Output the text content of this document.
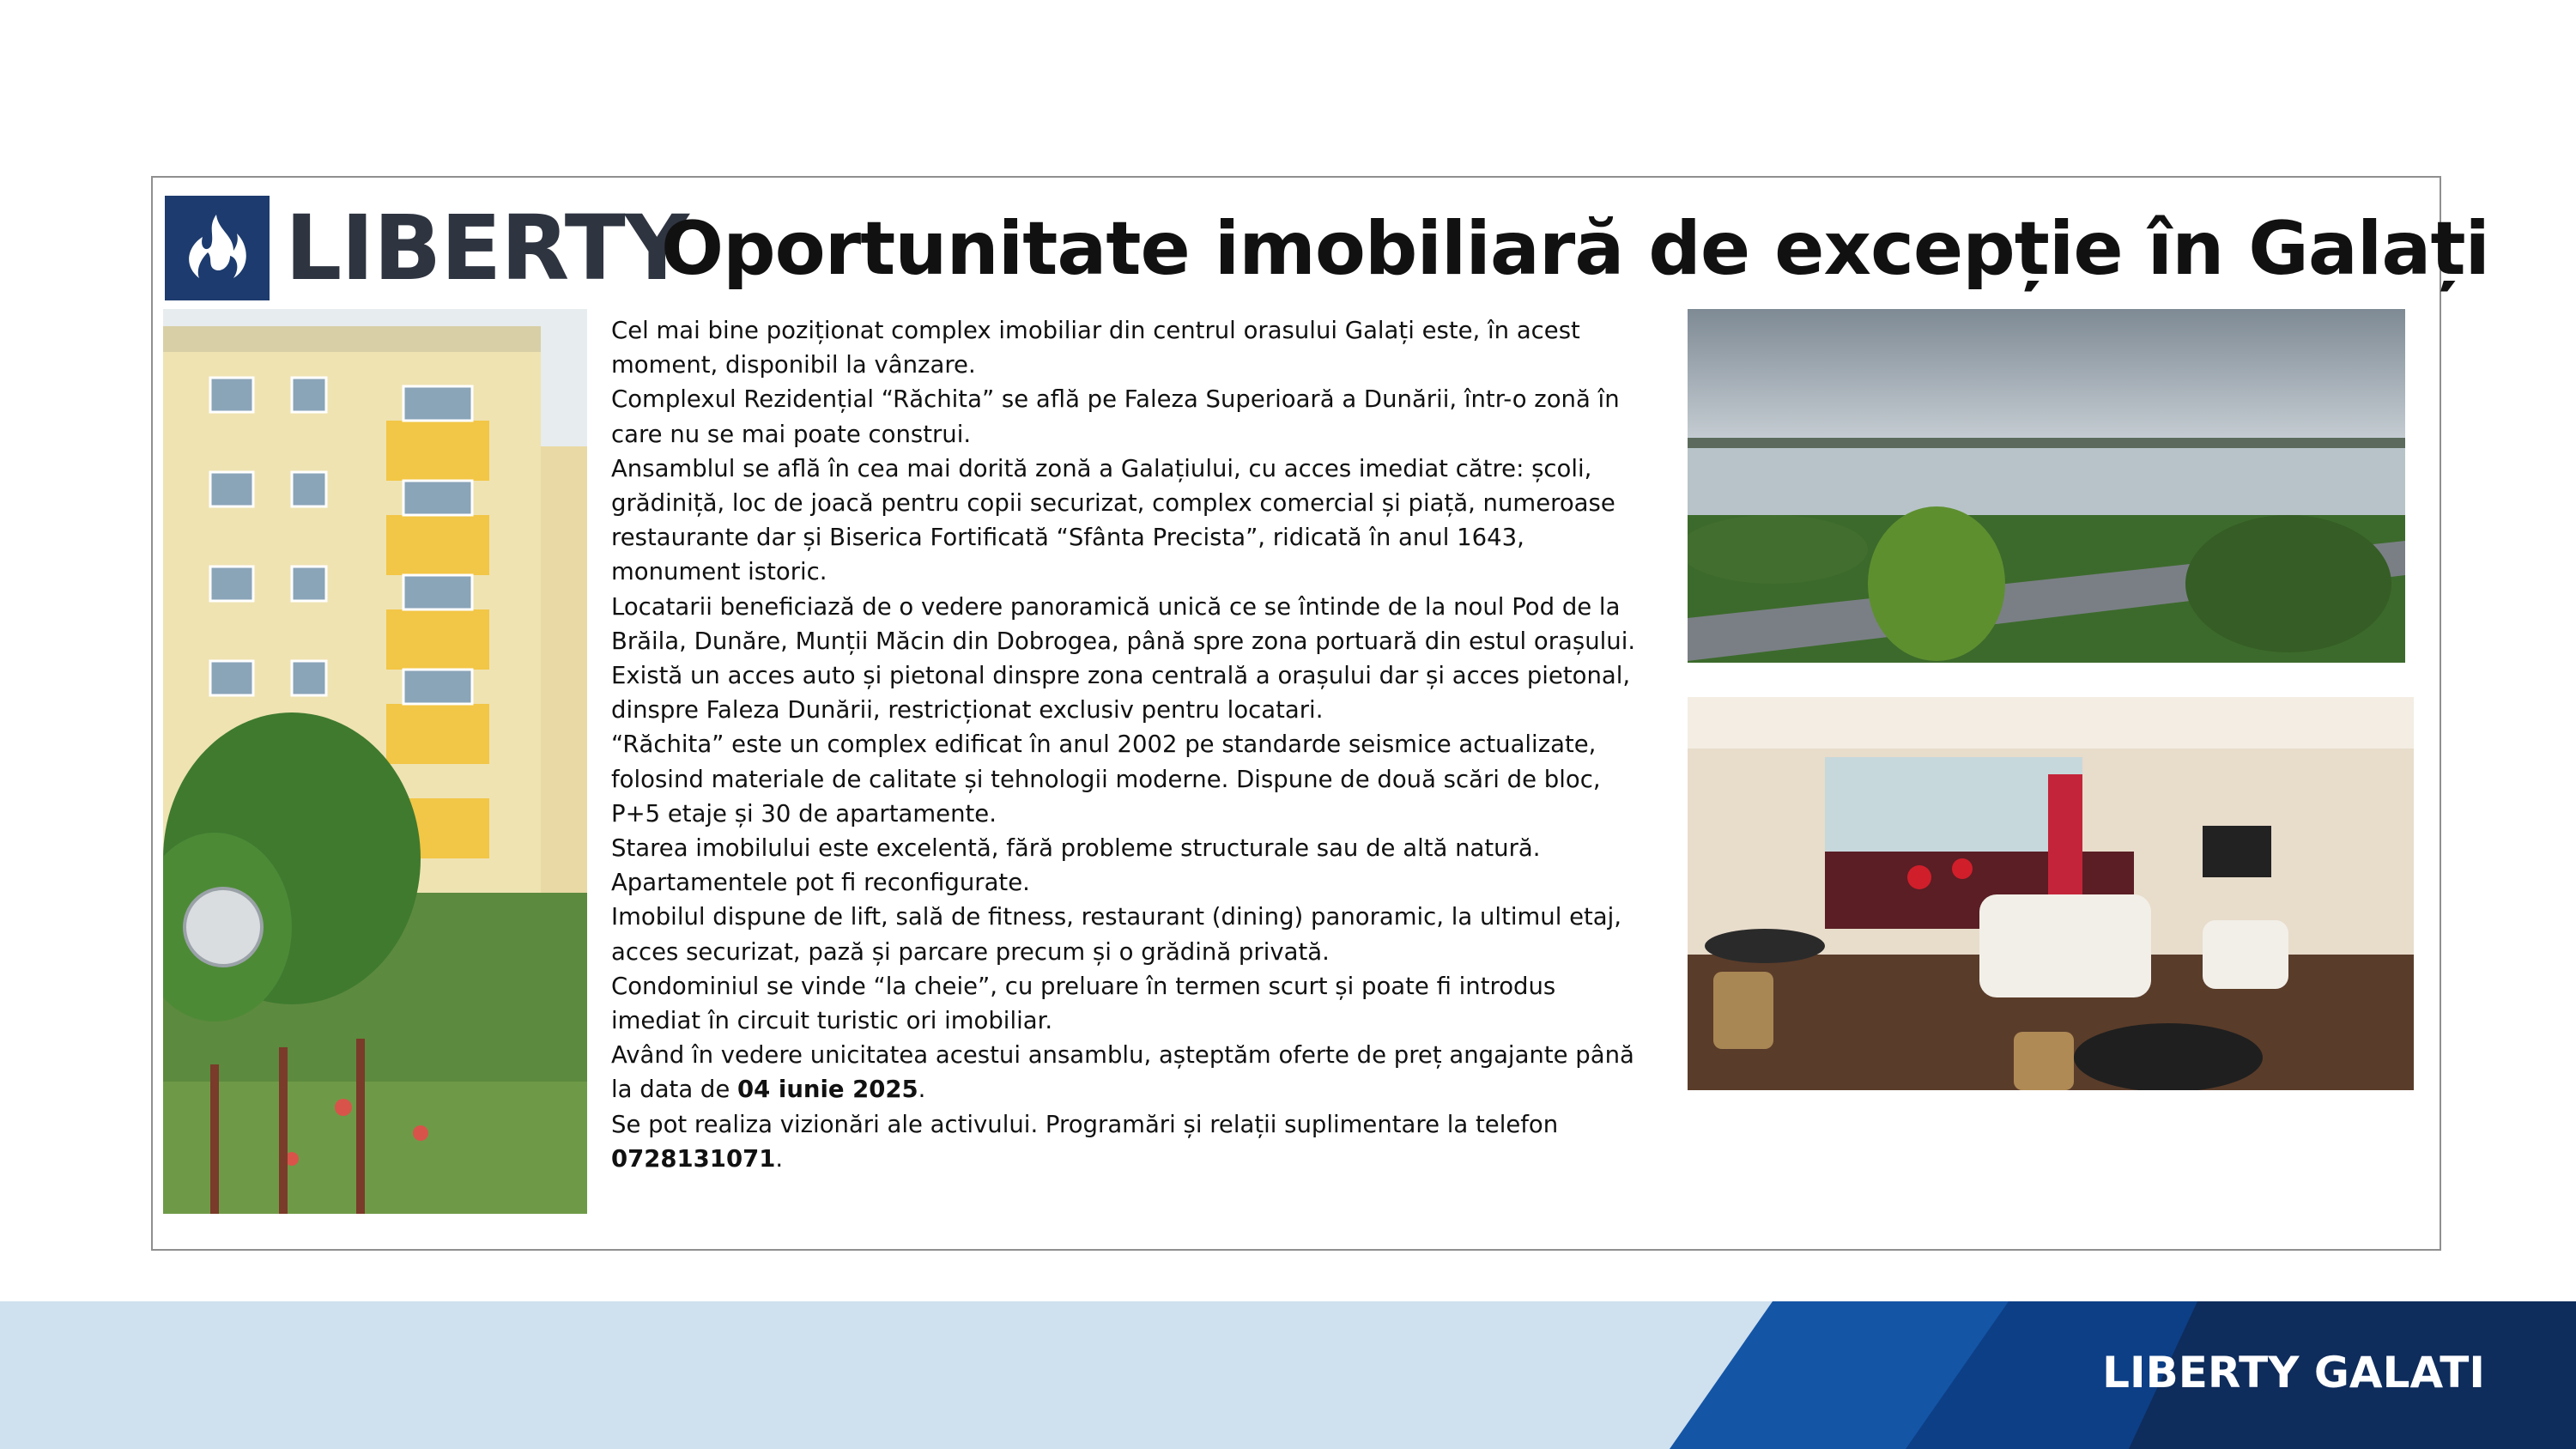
LIBERTY
Oportunitate imobiliară de excepție în Galați

Cel mai bine poziționat complex imobiliar din centrul orasului Galați este, în acest moment, disponibil la vânzare.

Complexul Rezidențial “Răchita” se află pe Faleza Superioară a Dunării, într-o zonă în care nu se mai poate construi.

Ansamblul se află în cea mai dorită zonă a Galațiului, cu acces imediat către: școli, grădiniță, loc de joacă pentru copii securizat, complex comercial și piață, numeroase restaurante dar și Biserica Fortificată “Sfânta Precista”, ridicată în anul 1643, monument istoric.

Locatarii beneficiază de o vedere panoramică unică ce se întinde de la noul Pod de la Brăila, Dunăre, Munții Măcin din Dobrogea, până spre zona portuară din estul orașului.

Există un acces auto și pietonal dinspre zona centrală a orașului dar și acces pietonal, dinspre Faleza Dunării, restricționat exclusiv pentru locatari.

“Răchita” este un complex edificat în anul 2002 pe standarde seismice actualizate, folosind materiale de calitate și tehnologii moderne. Dispune de două scări de bloc, P+5 etaje și 30 de apartamente.

Starea imobilului este excelentă, fără probleme structurale sau de altă natură.

Apartamentele pot fi reconfigurate.

Imobilul dispune de lift, sală de fitness, restaurant (dining) panoramic, la ultimul etaj, acces securizat, pază și parcare precum și o grădină privată.

Condominiul se vinde “la cheie”, cu preluare în termen scurt și poate fi introdus imediat în circuit turistic ori imobiliar.

Având în vedere unicitatea acestui ansamblu, așteptăm oferte de preț angajante până la data de 04 iunie 2025.

Se pot realiza vizionări ale activului. Programări și relații suplimentare la telefon
0728131071.

LIBERTY GALATI
